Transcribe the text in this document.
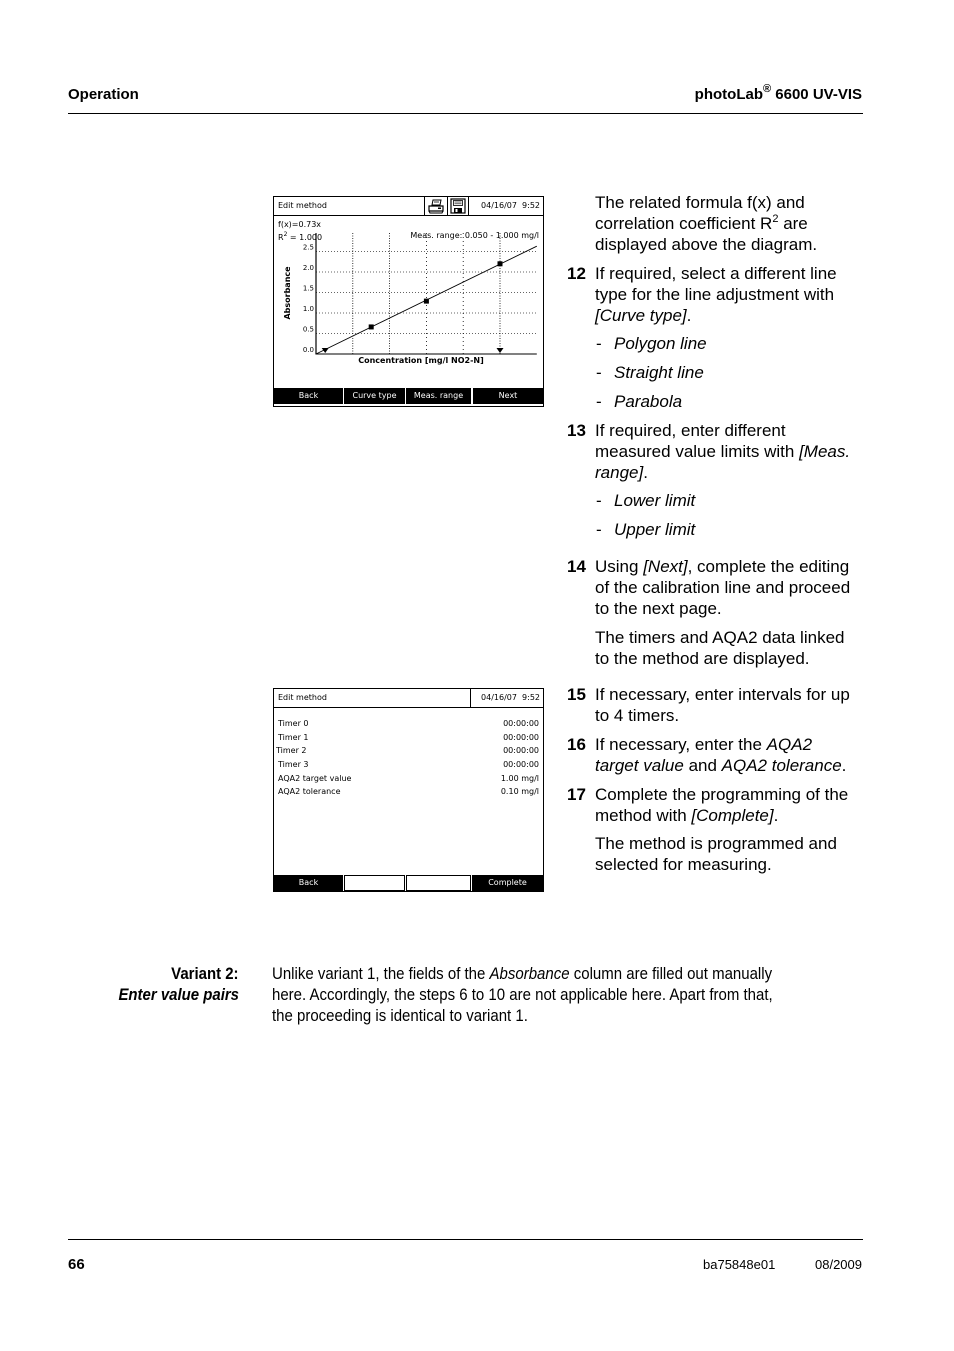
Operation	photoLab® 6600 UV-VIS
Edit method	04/16/07  9:52
f(x)=0.73x
$R^2 = 1.000$	Meas. range: 0.050 - 1.000 mg/l
0.0
0.5
1.0
1.5
2.0
2.5
Concentration [mg/l NO2-N]
Absorbance
Back	Curve type	Meas. range	Next
Edit method	04/16/07  9:52
Timer 0	00:00:00
Timer 1	00:00:00
Timer 2	00:00:00
Timer 3	00:00:00
AQA2 target value	1.00 mg/l
AQA2 tolerance	0.10 mg/l
Back	Complete
The related formula f(x) and correlation coefficient $R^2$ are displayed above the diagram.
12 If required, select a different line type for the line adjustment with [Curve type].
- Polygon line
- Straight line
- Parabola
13 If required, enter different measured value limits with [Meas. range].
- Lower limit
- Upper limit
14 Using [Next], complete the editing of the calibration line and proceed to the next page.
The timers and AQA2 data linked to the method are displayed.
15 If necessary, enter intervals for up to 4 timers.
16 If necessary, enter the AQA2 target value and AQA2 tolerance.
17 Complete the programming of the method with [Complete].
The method is programmed and selected for measuring.
Variant 2:
Enter value pairs
Unlike variant 1, the fields of the Absorbance column are filled out manually
here. Accordingly, the steps 6 to 10 are not applicable here. Apart from that,
the proceeding is identical to variant 1.
66	ba75848e01	08/2009
